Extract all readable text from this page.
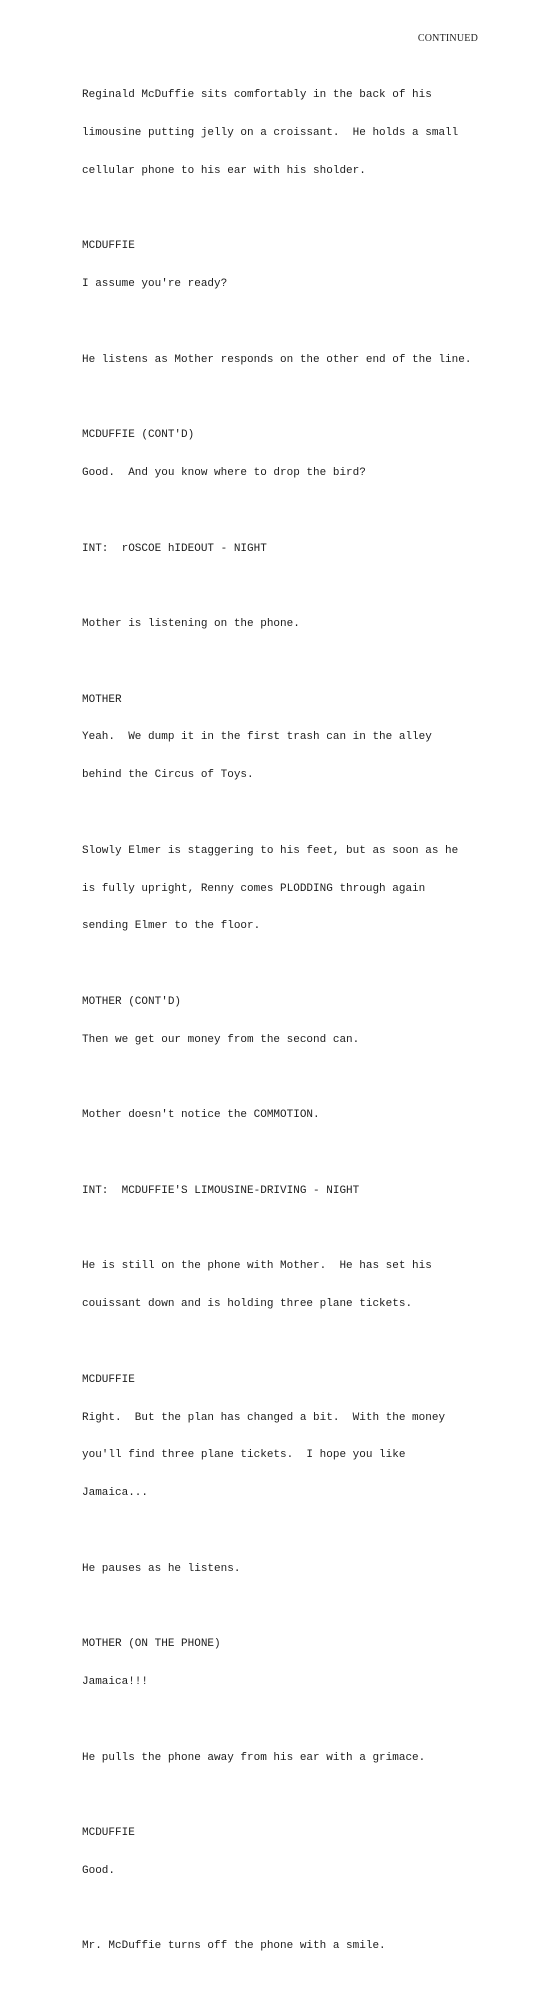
CONTINUED

Reginald McDuffie sits comfortably in the back of his

limousine putting jelly on a croissant.  He holds a small

cellular phone to his ear with his sholder.

MCDUFFIE

I assume you're ready?

He listens as Mother responds on the other end of the line.

MCDUFFIE (CONT'D)

Good.  And you know where to drop the bird?

INT:  rOSCOE hIDEOUT - NIGHT

Mother is listening on the phone.

MOTHER

Yeah.  We dump it in the first trash can in the alley

behind the Circus of Toys.

Slowly Elmer is staggering to his feet, but as soon as he

is fully upright, Renny comes PLODDING through again

sending Elmer to the floor.

MOTHER (CONT'D)

Then we get our money from the second can.

Mother doesn't notice the COMMOTION.

INT:  MCDUFFIE'S LIMOUSINE-DRIVING - NIGHT

He is still on the phone with Mother.  He has set his

couissant down and is holding three plane tickets.

MCDUFFIE

Right.  But the plan has changed a bit.  With the money

you'll find three plane tickets.  I hope you like

Jamaica...

He pauses as he listens.

MOTHER (ON THE PHONE)

Jamaica!!!

He pulls the phone away from his ear with a grimace.

MCDUFFIE

Good.

Mr. McDuffie turns off the phone with a smile.
